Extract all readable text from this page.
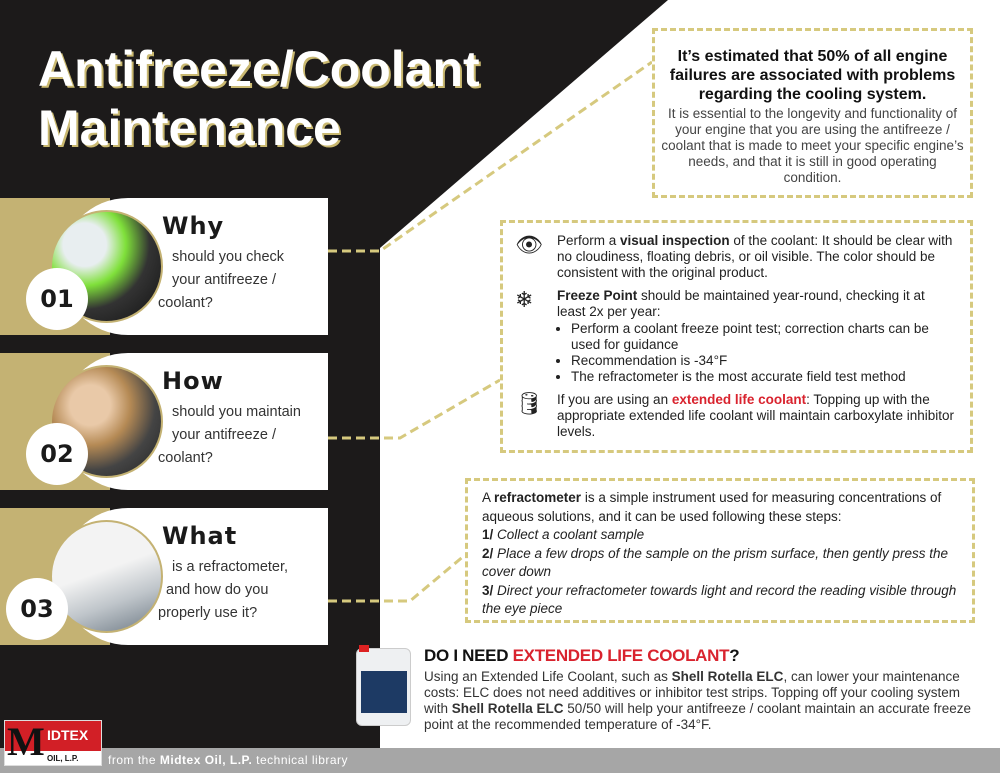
Antifreeze/Coolant
Maintenance
01
Why

should you check
your antifreeze /
coolant?

02
How

should you maintain
your antifreeze /
coolant?

03
What

is a refractometer,
and how do you
properly use it?

It’s estimated that 50% of all engine failures are associated with problems regarding the cooling system.

It is essential to the longevity and functionality of your engine that you are using the antifreeze / coolant that is made to meet your specific engine’s needs, and that it is still in good operating condition.

👁	Perform a visual inspection of the coolant: It should be clear with no cloudiness, floating debris, or oil visible. The color should be consistent with the original product.
❄	Freeze Point should be maintained year-round, checking it at least 2x per year:
• Perform a coolant freeze point test; correction charts can be used for guidance
• Recommendation is -34°F
• The refractometer is the most accurate field test method
🛢	If you are using an extended life coolant: Topping up with the appropriate extended life coolant will maintain carboxylate inhibitor levels.
A refractometer is a simple instrument used for measuring concentrations of aqueous solutions, and it can be used following these steps:
1/ Collect a coolant sample
2/ Place a few drops of the sample on the prism surface, then gently press the cover down
3/ Direct your refractometer towards light and record the reading visible through the eye piece
DO I NEED EXTENDED LIFE COOLANT?

Using an Extended Life Coolant, such as Shell Rotella ELC, can lower your maintenance costs: ELC does not need additives or inhibitor test strips. Topping off your cooling system with Shell Rotella ELC 50/50 will help your antifreeze / coolant maintain an accurate freeze point at the recommended temperature of -34°F.

from the Midtex Oil, L.P. technical library
M IDTEX
OIL, L.P.
